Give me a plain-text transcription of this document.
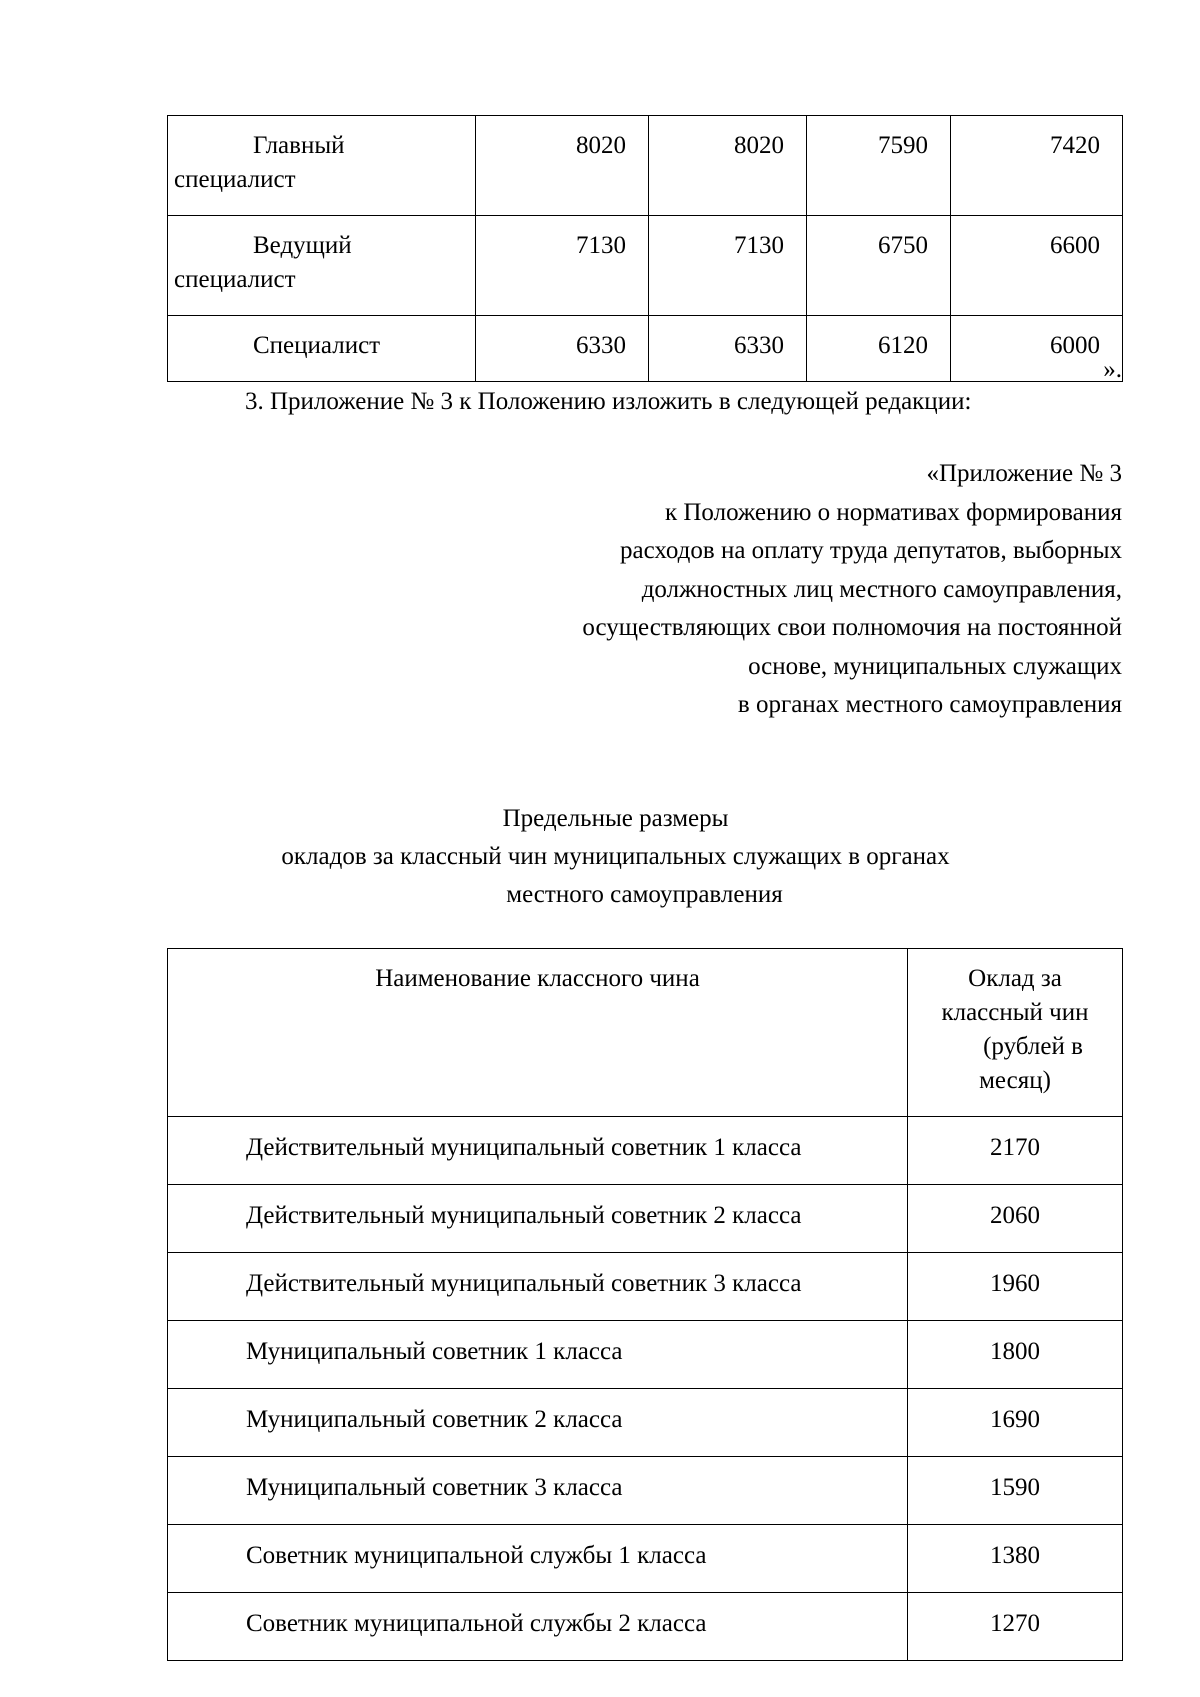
Главный
специалист	8020	8020	7590	7420

Ведущий
специалист	7130	7130	6750	6600

Специалист	6330	6330	6120	6000
».
3. Приложение № 3 к Положению изложить в следующей редакции:
«Приложение № 3
к Положению о нормативах формирования
расходов на оплату труда депутатов, выборных
должностных лиц местного самоуправления,
осуществляющих свои полномочия на постоянной
основе, муниципальных служащих
в органах местного самоуправления
Предельные размеры
окладов за классный чин муниципальных служащих в органах
местного самоуправления
Наименование классного чина	Оклад за
классный чин
(рублей в
месяц)

Действительный муниципальный советник 1 класса	2170
Действительный муниципальный советник 2 класса	2060
Действительный муниципальный советник 3 класса	1960
Муниципальный советник 1 класса	1800
Муниципальный советник 2 класса	1690
Муниципальный советник 3 класса	1590
Советник муниципальной службы 1 класса	1380
Советник муниципальной службы 2 класса	1270
